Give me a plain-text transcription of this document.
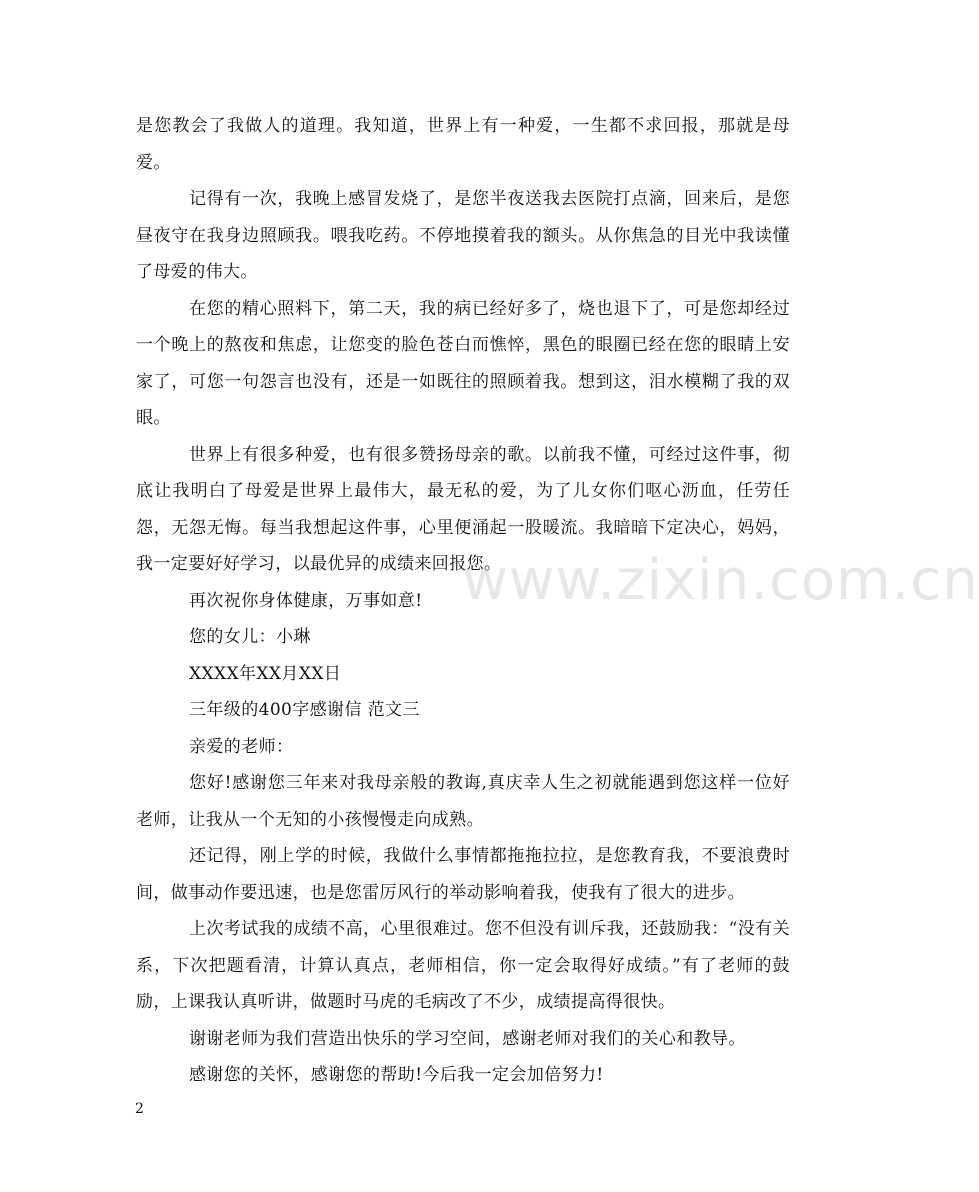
是您教会了我做人的道理。我知道，世界上有一种爱，一生都不求回报，那就是母爱。

记得有一次，我晚上感冒发烧了，是您半夜送我去医院打点滴，回来后，是您昼夜守在我身边照顾我。喂我吃药。不停地摸着我的额头。从你焦急的目光中我读懂了母爱的伟大。

在您的精心照料下，第二天，我的病已经好多了，烧也退下了，可是您却经过一个晚上的熬夜和焦虑，让您变的脸色苍白而憔悴，黑色的眼圈已经在您的眼睛上安家了，可您一句怨言也没有，还是一如既往的照顾着我。想到这，泪水模糊了我的双眼。

世界上有很多种爱，也有很多赞扬母亲的歌。以前我不懂，可经过这件事，彻底让我明白了母爱是世界上最伟大，最无私的爱，为了儿女你们呕心沥血，任劳任怨，无怨无悔。每当我想起这件事，心里便涌起一股暖流。我暗暗下定决心，妈妈，我一定要好好学习，以最优异的成绩来回报您。

再次祝你身体健康，万事如意!

您的女儿：小琳

XXXX年XX月XX日

三年级的400字感谢信 范文三

亲爱的老师：

您好!感谢您三年来对我母亲般的教诲,真庆幸人生之初就能遇到您这样一位好老师，让我从一个无知的小孩慢慢走向成熟。

还记得，刚上学的时候，我做什么事情都拖拖拉拉，是您教育我，不要浪费时间，做事动作要迅速，也是您雷厉风行的举动影响着我，使我有了很大的进步。

上次考试我的成绩不高，心里很难过。您不但没有训斥我，还鼓励我：“没有关系，下次把题看清，计算认真点，老师相信，你一定会取得好成绩。”有了老师的鼓励，上课我认真听讲，做题时马虎的毛病改了不少，成绩提高得很快。

谢谢老师为我们营造出快乐的学习空间，感谢老师对我们的关心和教导。

感谢您的关怀，感谢您的帮助!今后我一定会加倍努力!

www.zixin.com.cn
2
